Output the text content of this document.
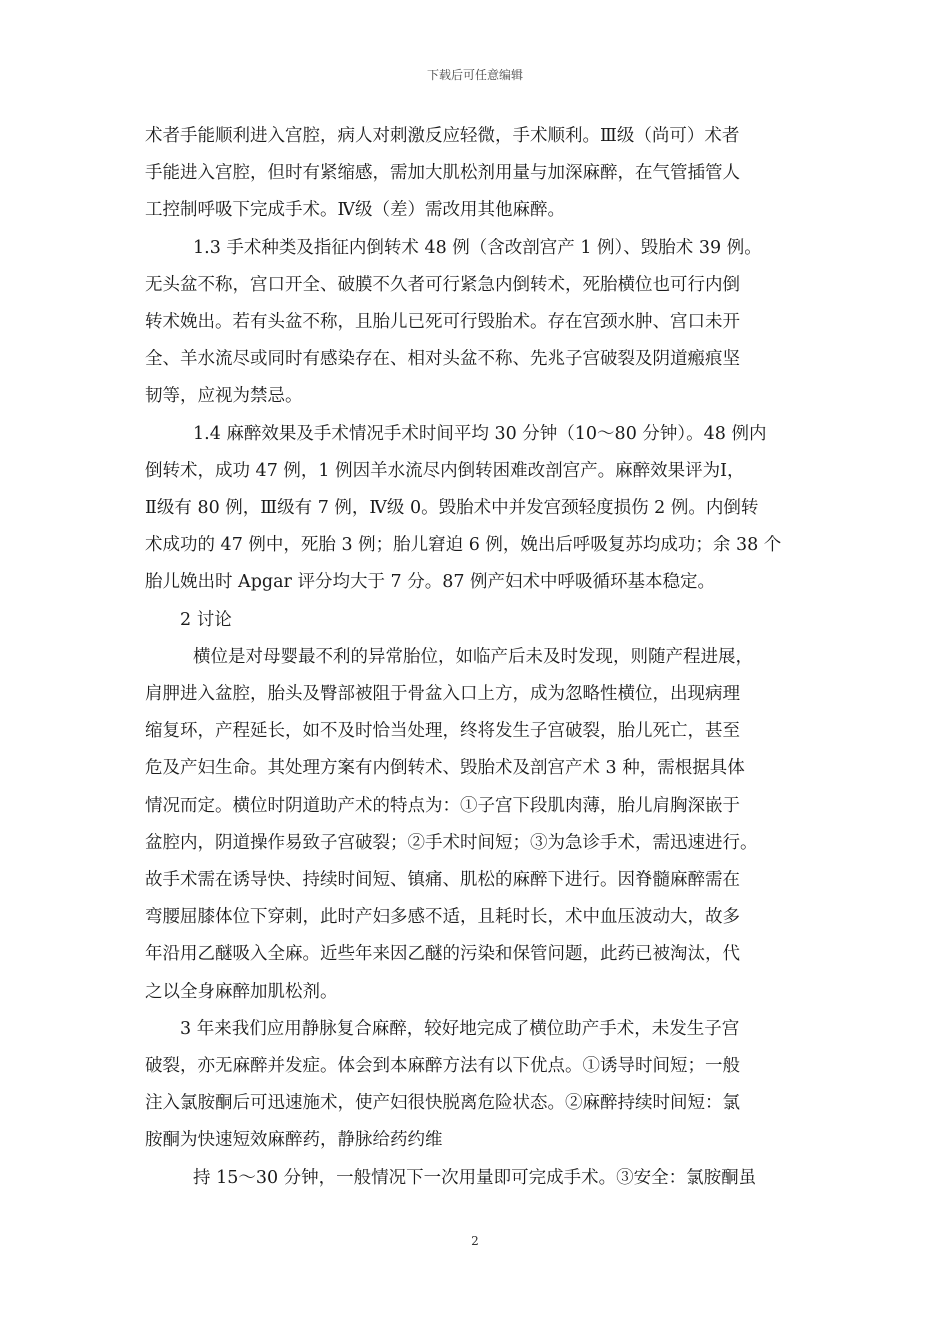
下载后可任意编辑

术者手能顺利进入宫腔，病人对刺激反应轻微，手术顺利。Ⅲ级（尚可）术者
手能进入宫腔，但时有紧缩感，需加大肌松剂用量与加深麻醉，在气管插管人
工控制呼吸下完成手术。Ⅳ级（差）需改用其他麻醉。

1.3 手术种类及指征内倒转术 48 例（含改剖宫产 1 例）、毁胎术 39 例。
无头盆不称，宫口开全、破膜不久者可行紧急内倒转术，死胎横位也可行内倒
转术娩出。若有头盆不称，且胎儿已死可行毁胎术。存在宫颈水肿、宫口未开
全、羊水流尽或同时有感染存在、相对头盆不称、先兆子宫破裂及阴道瘢痕坚
韧等，应视为禁忌。

1.4 麻醉效果及手术情况手术时间平均 30 分钟（10～80 分钟）。48 例内
倒转术，成功 47 例，1 例因羊水流尽内倒转困难改剖宫产。麻醉效果评为Ⅰ，
Ⅱ级有 80 例，Ⅲ级有 7 例，Ⅳ级 0。毁胎术中并发宫颈轻度损伤 2 例。内倒转
术成功的 47 例中，死胎 3 例；胎儿窘迫 6 例，娩出后呼吸复苏均成功；余 38 个
胎儿娩出时 Apgar 评分均大于 7 分。87 例产妇术中呼吸循环基本稳定。

2 讨论

横位是对母婴最不利的异常胎位，如临产后未及时发现，则随产程进展，
肩胛进入盆腔，胎头及臀部被阻于骨盆入口上方，成为忽略性横位，出现病理
缩复环，产程延长，如不及时恰当处理，终将发生子宫破裂，胎儿死亡，甚至
危及产妇生命。其处理方案有内倒转术、毁胎术及剖宫产术 3 种，需根据具体
情况而定。横位时阴道助产术的特点为：①子宫下段肌肉薄，胎儿肩胸深嵌于
盆腔内，阴道操作易致子宫破裂；②手术时间短；③为急诊手术，需迅速进行。
故手术需在诱导快、持续时间短、镇痛、肌松的麻醉下进行。因脊髓麻醉需在
弯腰屈膝体位下穿刺，此时产妇多感不适，且耗时长，术中血压波动大，故多
年沿用乙醚吸入全麻。近些年来因乙醚的污染和保管问题，此药已被淘汰，代
之以全身麻醉加肌松剂。

3 年来我们应用静脉复合麻醉，较好地完成了横位助产手术，未发生子宫
破裂，亦无麻醉并发症。体会到本麻醉方法有以下优点。①诱导时间短；一般
注入氯胺酮后可迅速施术，使产妇很快脱离危险状态。②麻醉持续时间短：氯
胺酮为快速短效麻醉药，静脉给药约维

持 15～30 分钟，一般情况下一次用量即可完成手术。③安全：氯胺酮虽

2
